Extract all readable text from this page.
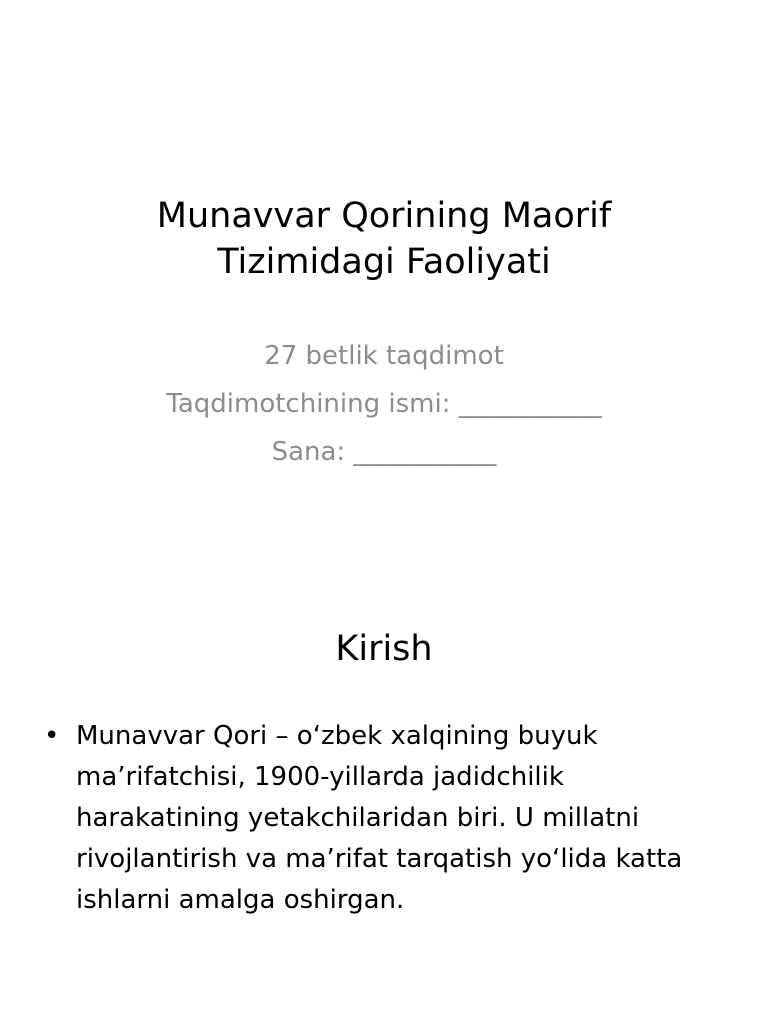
Munavvar Qorining Maorif
Tizimidagi Faoliyati
27 betlik taqdimot
Taqdimotchining ismi: ___________
Sana: ___________
Kirish
• Munavvar Qori – o‘zbek xalqining buyuk ma’rifatchisi, 1900-yillarda jadidchilik harakatining yetakchilaridan biri. U millatni rivojlantirish va ma’rifat tarqatish yo‘lida katta ishlarni amalga oshirgan.
